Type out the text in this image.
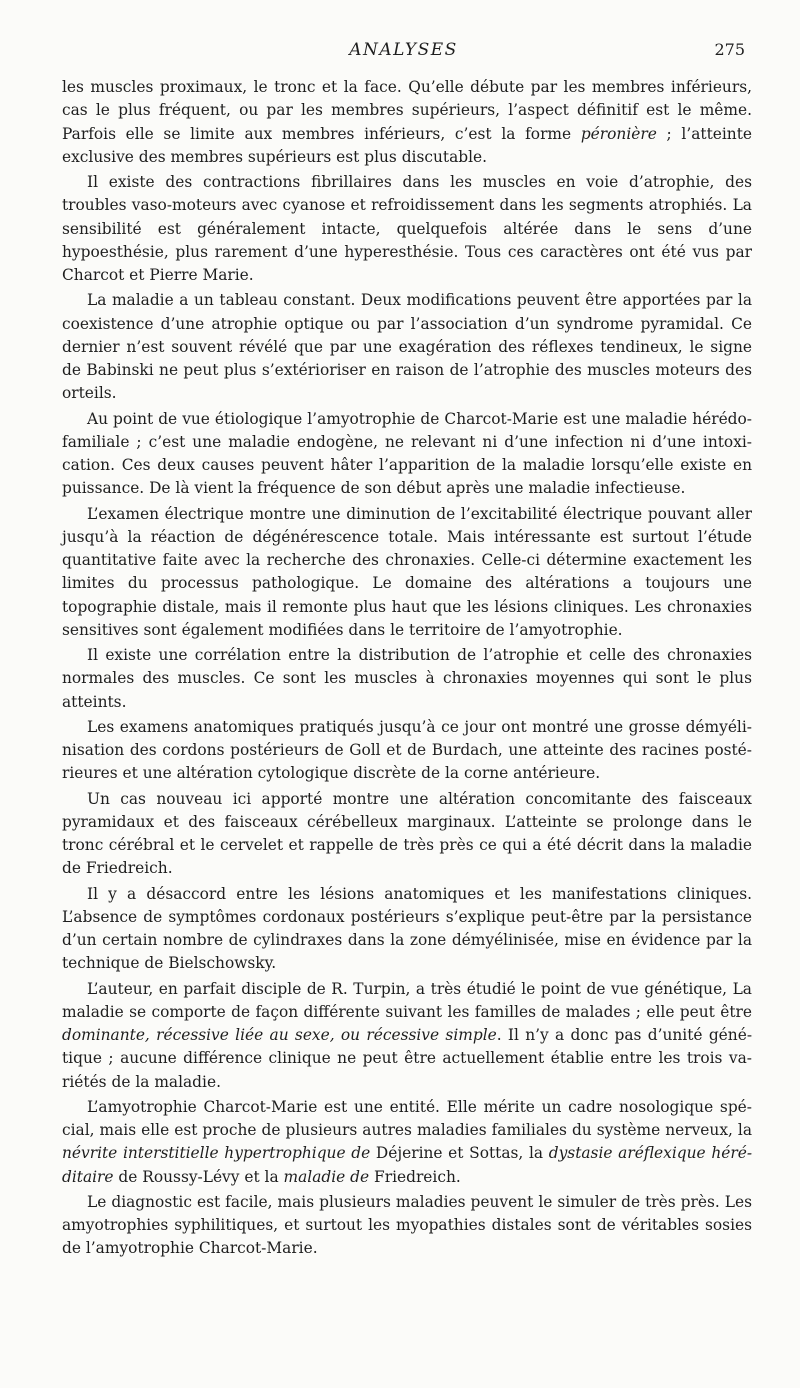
ANALYSES	275

les muscles proximaux, le tronc et la face. Qu’elle débute par les membres inférieurs, cas le plus fréquent, ou par les membres supérieurs, l’aspect définitif est le même. Parfois elle se limite aux membres inférieurs, c’est la forme péronière ; l’atteinte exclusive des membres supérieurs est plus discutable.

Il existe des contractions fibrillaires dans les muscles en voie d’atrophie, des troubles vaso-moteurs avec cyanose et refroidissement dans les segments atrophiés. La sensibilité est généralement intacte, quelquefois altérée dans le sens d’une hypoesthésie, plus rarement d’une hyperesthésie. Tous ces caractères ont été vus par Charcot et Pierre Marie.

La maladie a un tableau constant. Deux modifications peuvent être apportées par la coexistence d’une atrophie optique ou par l’association d’un syndrome pyramidal. Ce dernier n’est souvent révélé que par une exagération des réflexes tendineux, le signe de Babinski ne peut plus s’extérioriser en raison de l’atrophie des muscles moteurs des orteils.

Au point de vue étiologique l’amyotrophie de Charcot-Marie est une maladie hérédo-familiale ; c’est une maladie endogène, ne relevant ni d’une infection ni d’une intoxication. Ces deux causes peuvent hâter l’apparition de la maladie lorsqu’elle existe en puissance. De là vient la fréquence de son début après une maladie infectieuse.

L’examen électrique montre une diminution de l’excitabilité électrique pouvant aller jusqu’à la réaction de dégénérescence totale. Mais intéressante est surtout l’étude quantitative faite avec la recherche des chronaxies. Celle-ci détermine exactement les limites du processus pathologique. Le domaine des altérations a toujours une topographie distale, mais il remonte plus haut que les lésions cliniques. Les chronaxies sensitives sont également modifiées dans le territoire de l’amyotrophie.

Il existe une corrélation entre la distribution de l’atrophie et celle des chronaxies normales des muscles. Ce sont les muscles à chronaxies moyennes qui sont le plus atteints.

Les examens anatomiques pratiqués jusqu’à ce jour ont montré une grosse démyélinisation des cordons postérieurs de Goll et de Burdach, une atteinte des racines postérieures et une altération cytologique discrète de la corne antérieure.

Un cas nouveau ici apporté montre une altération concomitante des faisceaux pyramidaux et des faisceaux cérébelleux marginaux. L’atteinte se prolonge dans le tronc cérébral et le cervelet et rappelle de très près ce qui a été décrit dans la maladie de Friedreich.

Il y a désaccord entre les lésions anatomiques et les manifestations cliniques. L’absence de symptômes cordonaux postérieurs s’explique peut-être par la persistance d’un certain nombre de cylindraxes dans la zone démyélinisée, mise en évidence par la technique de Bielschowsky.

L’auteur, en parfait disciple de R. Turpin, a très étudié le point de vue génétique, La maladie se comporte de façon différente suivant les familles de malades ; elle peut être dominante, récessive liée au sexe, ou récessive simple. Il n’y a donc pas d’unité génétique ; aucune différence clinique ne peut être actuellement établie entre les trois variétés de la maladie.

L’amyotrophie Charcot-Marie est une entité. Elle mérite un cadre nosologique spécial, mais elle est proche de plusieurs autres maladies familiales du système nerveux, la névrite interstitielle hypertrophique de Déjerine et Sottas, la dystasie aréflexique héréditaire de Roussy-Lévy et la maladie de Friedreich.

Le diagnostic est facile, mais plusieurs maladies peuvent le simuler de très près. Les amyotrophies syphilitiques, et surtout les myopathies distales sont de véritables sosies de l’amyotrophie Charcot-Marie.
